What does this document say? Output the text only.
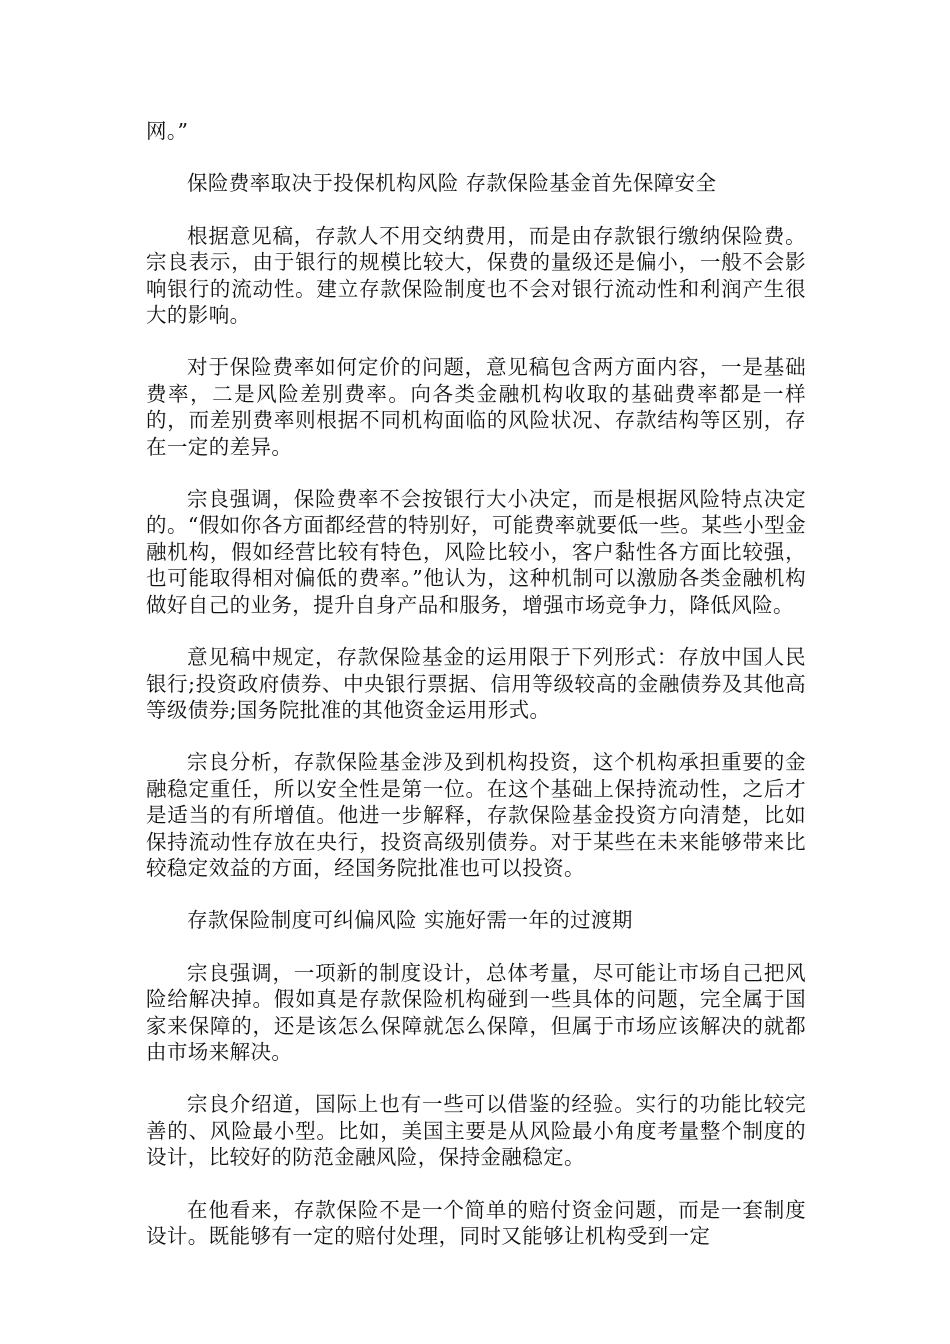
网。”

保险费率取决于投保机构风险 存款保险基金首先保障安全

根据意见稿，存款人不用交纳费用，而是由存款银行缴纳保险费。宗良表示，由于银行的规模比较大，保费的量级还是偏小，一般不会影响银行的流动性。建立存款保险制度也不会对银行流动性和利润产生很大的影响。

对于保险费率如何定价的问题，意见稿包含两方面内容，一是基础费率，二是风险差别费率。向各类金融机构收取的基础费率都是一样的，而差别费率则根据不同机构面临的风险状况、存款结构等区别，存在一定的差异。

宗良强调，保险费率不会按银行大小决定，而是根据风险特点决定的。“假如你各方面都经营的特别好，可能费率就要低一些。某些小型金融机构，假如经营比较有特色，风险比较小，客户黏性各方面比较强，也可能取得相对偏低的费率。”他认为，这种机制可以激励各类金融机构做好自己的业务，提升自身产品和服务，增强市场竞争力，降低风险。

意见稿中规定，存款保险基金的运用限于下列形式：存放中国人民银行;投资政府债券、中央银行票据、信用等级较高的金融债券及其他高等级债券;国务院批准的其他资金运用形式。

宗良分析，存款保险基金涉及到机构投资，这个机构承担重要的金融稳定重任，所以安全性是第一位。在这个基础上保持流动性，之后才是适当的有所增值。他进一步解释，存款保险基金投资方向清楚，比如保持流动性存放在央行，投资高级别债券。对于某些在未来能够带来比较稳定效益的方面，经国务院批准也可以投资。

存款保险制度可纠偏风险 实施好需一年的过渡期

宗良强调，一项新的制度设计，总体考量，尽可能让市场自己把风险给解决掉。假如真是存款保险机构碰到一些具体的问题，完全属于国家来保障的，还是该怎么保障就怎么保障，但属于市场应该解决的就都由市场来解决。

宗良介绍道，国际上也有一些可以借鉴的经验。实行的功能比较完善的、风险最小型。比如，美国主要是从风险最小角度考量整个制度的设计，比较好的防范金融风险，保持金融稳定。

在他看来，存款保险不是一个简单的赔付资金问题，而是一套制度设计。既能够有一定的赔付处理，同时又能够让机构受到一定
